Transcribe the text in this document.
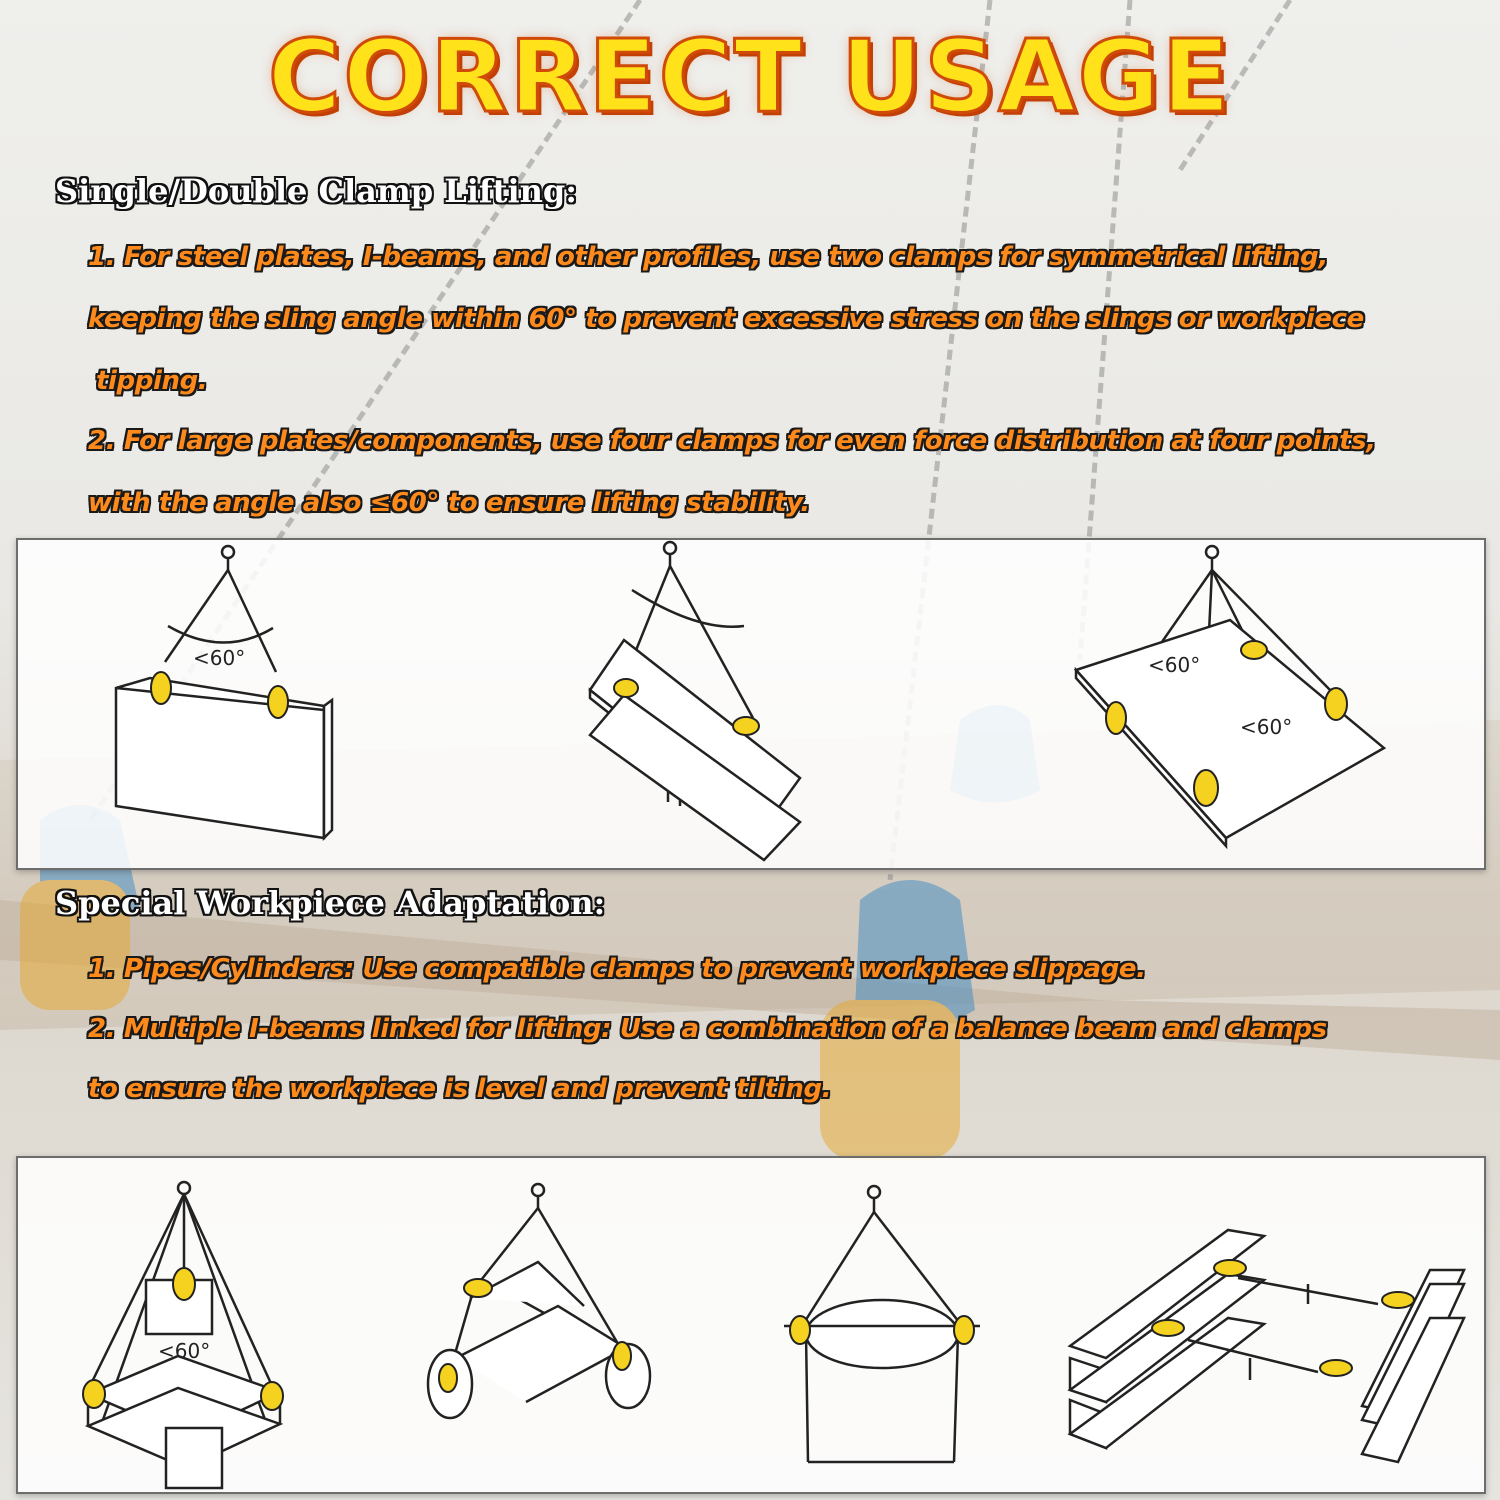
CORRECT USAGE
Single/Double Clamp Lifting:
1. For steel plates, I-beams, and other profiles, use two clamps for symmetrical lifting,
keeping the sling angle within 60° to prevent excessive stress on the slings or workpiece
tipping.
2. For large plates/components, use four clamps for even force distribution at four points,
with the angle also ≤60° to ensure lifting stability.
<60°	<60°
<60°
Special Workpiece Adaptation:
1. Pipes/Cylinders: Use compatible clamps to prevent workpiece slippage.
2. Multiple I-beams linked for lifting: Use a combination of a balance beam and clamps
to ensure the workpiece is level and prevent tilting.
<60°
